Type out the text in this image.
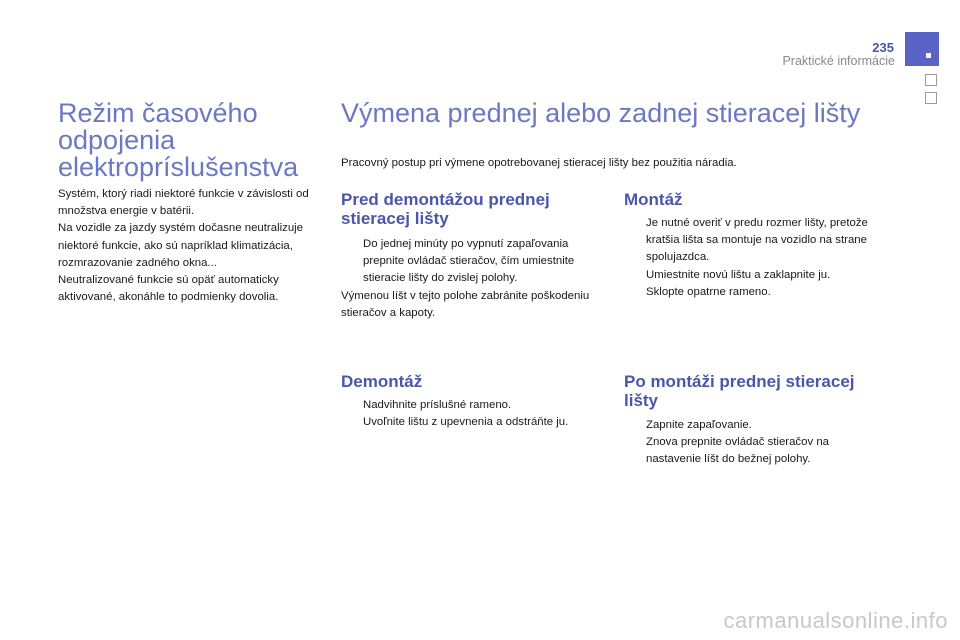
235
Praktické informácie
Režim časového odpojenia elektropríslušenstva
Systém, ktorý riadi niektoré funkcie v závislosti od množstva energie v batérii.
Na vozidle za jazdy systém dočasne neutralizuje niektoré funkcie, ako sú napríklad klimatizácia, rozmrazovanie zadného okna...
Neutralizované funkcie sú opäť automaticky aktivované, akonáhle to podmienky dovolia.
Výmena prednej alebo zadnej stieracej lišty
Pracovný postup pri výmene opotrebovanej stieracej lišty bez použitia náradia.
Pred demontážou prednej stieracej lišty
Do jednej minúty po vypnutí zapaľovania prepnite ovládač stieračov, čím umiestnite stieracie lišty do zvislej polohy.
Výmenou líšt v tejto polohe zabránite poškodeniu stieračov a kapoty.
Demontáž
Nadvihnite príslušné rameno.
Uvoľnite lištu z upevnenia a odstráňte ju.
Montáž
Je nutné overiť v predu rozmer lišty, pretože kratšia lišta sa montuje na vozidlo na strane spolujazdca.
Umiestnite novú lištu a zaklapnite ju.
Sklopte opatrne rameno.
Po montáži prednej stieracej lišty
Zapnite zapaľovanie.
Znova prepnite ovládač stieračov na nastavenie líšt do bežnej polohy.
carmanualsonline.info
